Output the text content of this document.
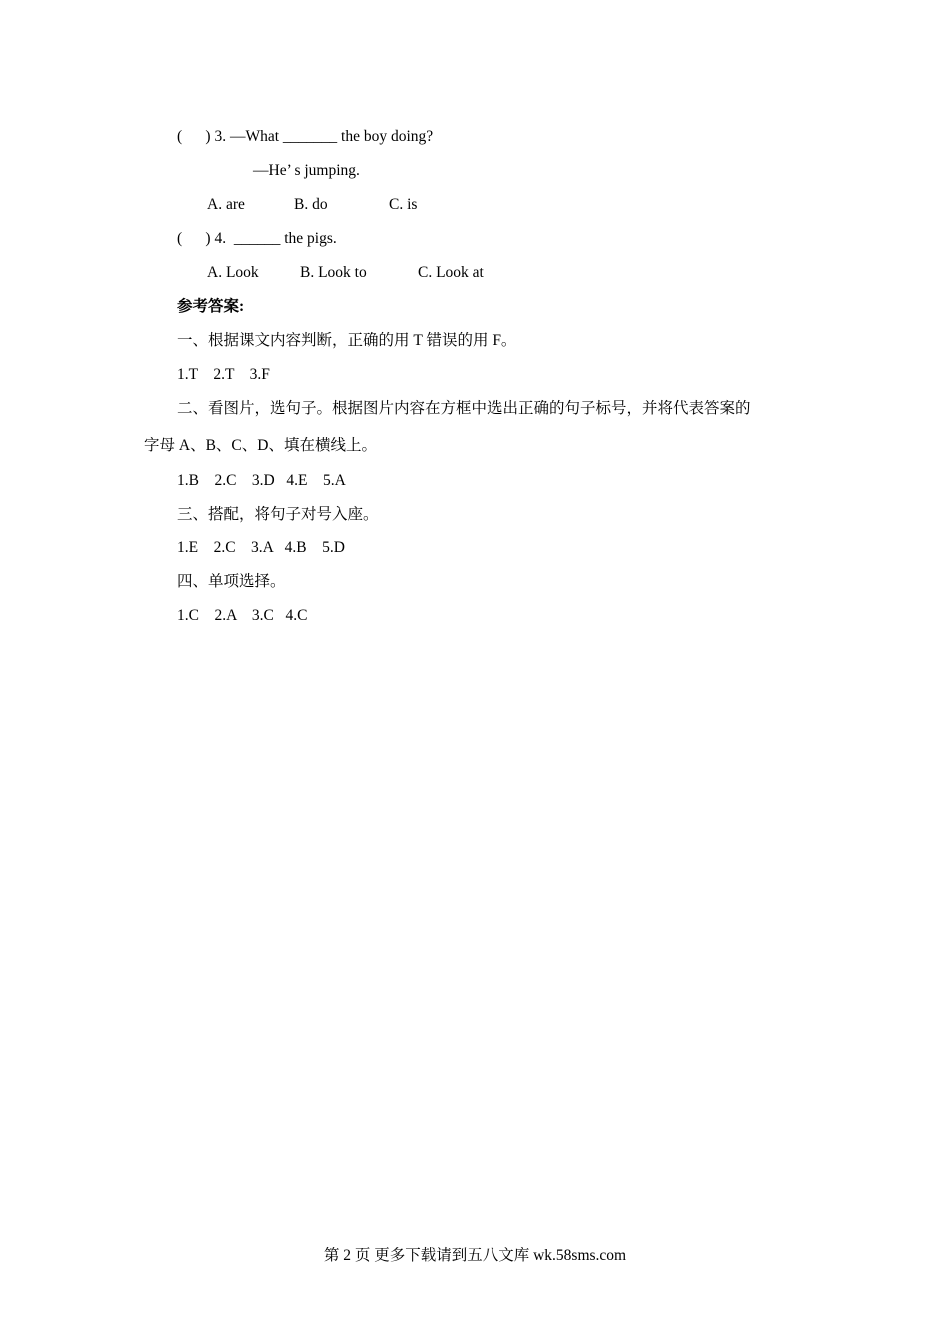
(      ) 3. —What _______ the boy doing?
—He’ s jumping.
A. are	B. do	C. is
(      ) 4.  ______ the pigs.
A. Look	B. Look to	C. Look at
参考答案:
一、根据课文内容判断，正确的用 T 错误的用 F。
1.T    2.T    3.F
二、看图片，选句子。根据图片内容在方框中选出正确的句子标号，并将代表答案的
字母 A、B、C、D、填在横线上。
1.B    2.C    3.D   4.E    5.A
三、搭配，将句子对号入座。
1.E    2.C    3.A   4.B    5.D
四、单项选择。
1.C    2.A    3.C   4.C
第 2 页 更多下载请到五八文库 wk.58sms.com
